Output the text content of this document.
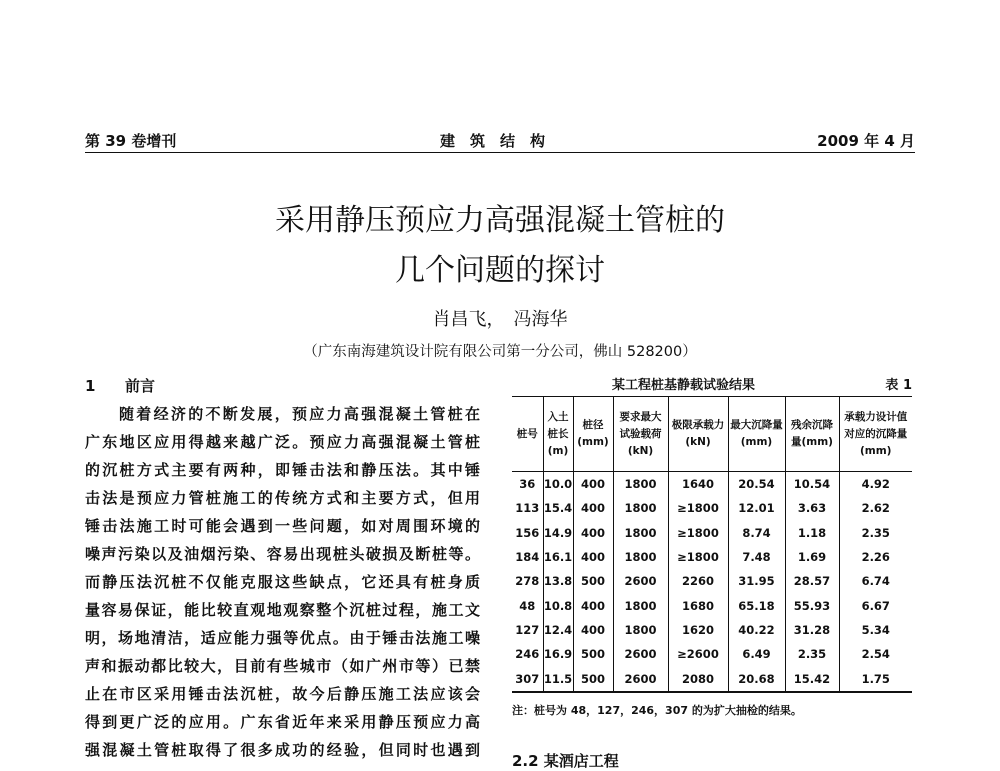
第 39 卷增刊	建　筑　结　构	2009 年 4 月
采用静压预应力高强混凝土管桩的
几个问题的探讨
肖昌飞，　冯海华
（广东南海建筑设计院有限公司第一分公司，佛山 528200）
1 前言
随着经济的不断发展，预应力高强混凝土管桩在
广东地区应用得越来越广泛。预应力高强混凝土管桩
的沉桩方式主要有两种，即锤击法和静压法。其中锤
击法是预应力管桩施工的传统方式和主要方式，但用
锤击法施工时可能会遇到一些问题，如对周围环境的
噪声污染以及油烟污染、容易出现桩头破损及断桩等。
而静压法沉桩不仅能克服这些缺点，它还具有桩身质
量容易保证，能比较直观地观察整个沉桩过程，施工文
明，场地清洁，适应能力强等优点。由于锤击法施工噪
声和振动都比较大，目前有些城市（如广州市等）已禁
止在市区采用锤击法沉桩，故今后静压施工法应该会
得到更广泛的应用。广东省近年来采用静压预应力高
强混凝土管桩取得了很多成功的经验，但同时也遇到
某工程桩基静载试验结果	表 1
桩号	入土桩长(m)	桩径(mm)	要求最大试验载荷(kN)	极限承载力(kN)	最大沉降量(mm)	残余沉降量(mm)	承载力设计值对应的沉降量(mm)
36	10.0	400	1800	1640	20.54	10.54	4.92
113	15.4	400	1800	≥1800	12.01	3.63	2.62
156	14.9	400	1800	≥1800	8.74	1.18	2.35
184	16.1	400	1800	≥1800	7.48	1.69	2.26
278	13.8	500	2600	2260	31.95	28.57	6.74
48	10.8	400	1800	1680	65.18	55.93	6.67
127	12.4	400	1800	1620	40.22	31.28	5.34
246	16.9	500	2600	≥2600	6.49	2.35	2.54
307	11.5	500	2600	2080	20.68	15.42	1.75
注：桩号为 48，127，246，307 的为扩大抽检的结果。
2.2 某酒店工程
